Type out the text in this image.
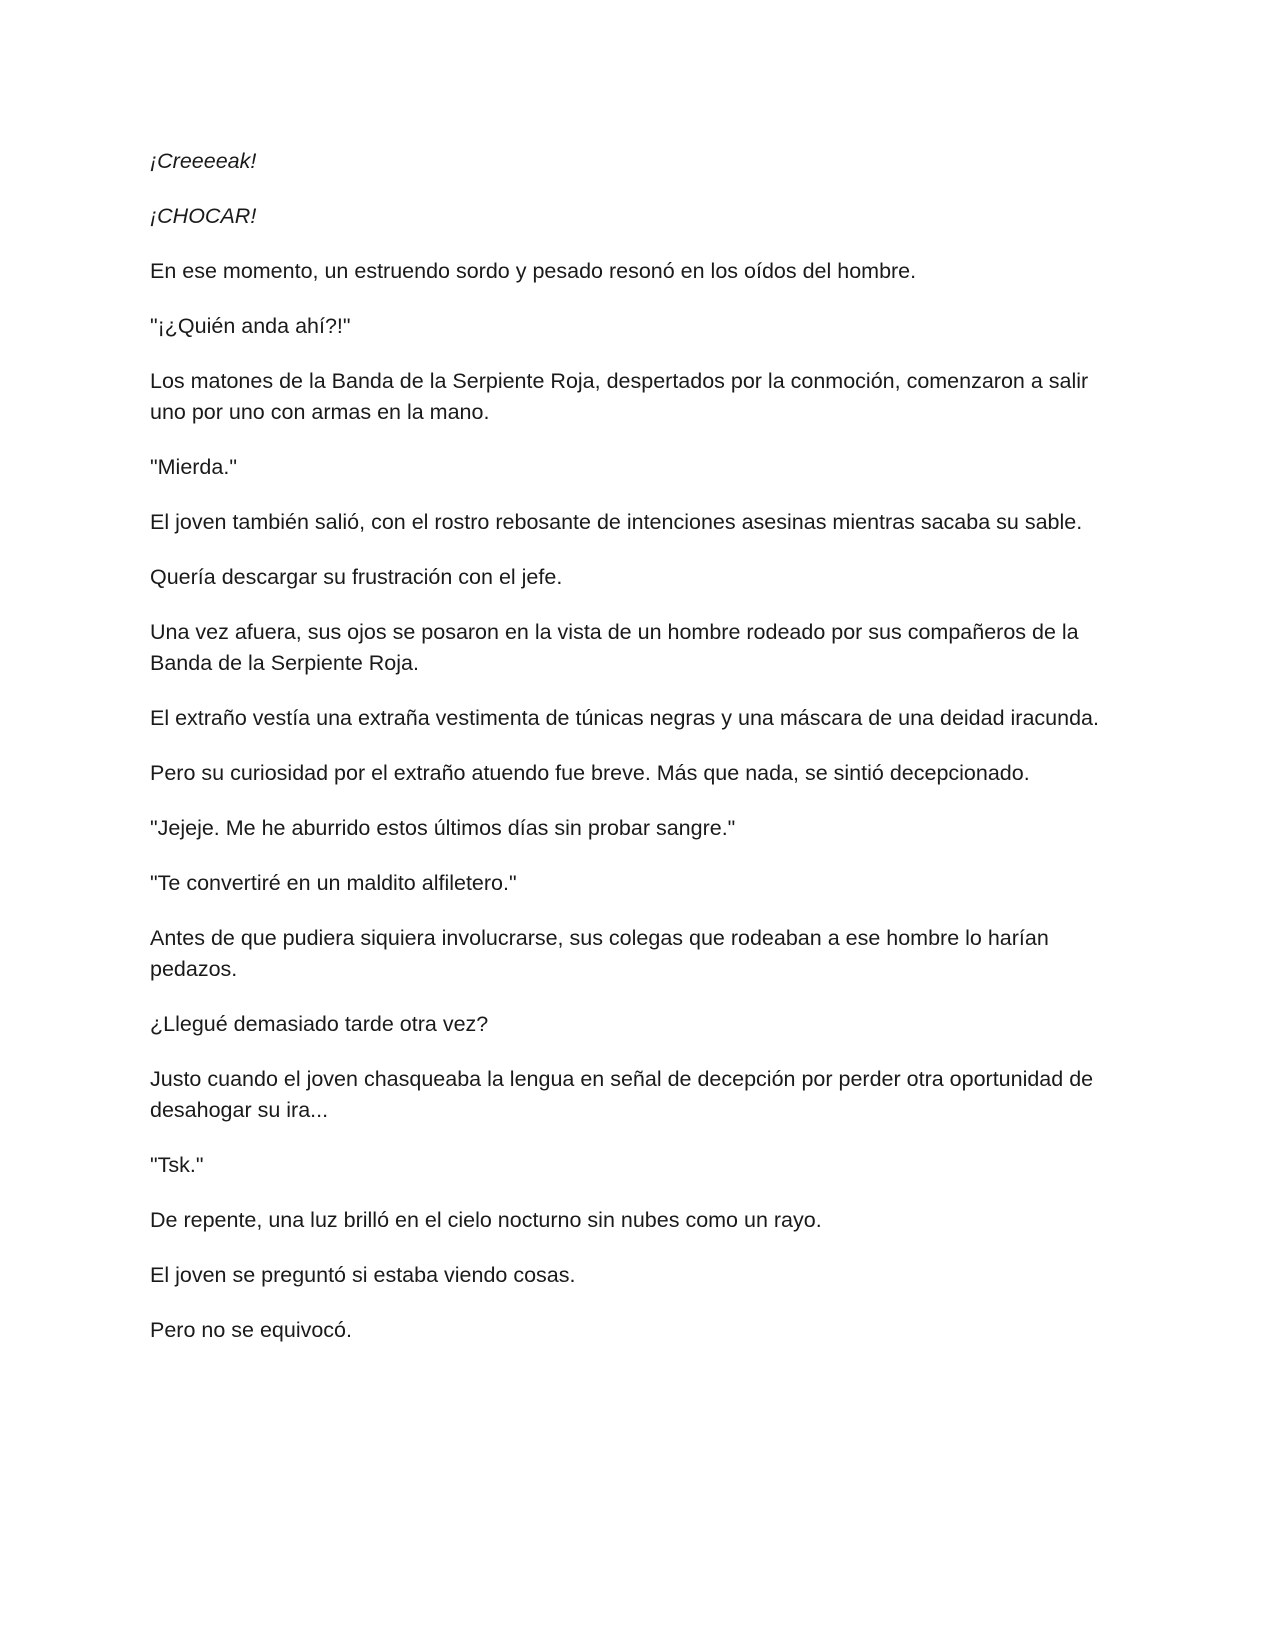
¡Creeeeak!

¡CHOCAR!

En ese momento, un estruendo sordo y pesado resonó en los oídos del hombre.

"¡¿Quién anda ahí?!"

Los matones de la Banda de la Serpiente Roja, despertados por la conmoción, comenzaron a salir uno por uno con armas en la mano.

"Mierda."

El joven también salió, con el rostro rebosante de intenciones asesinas mientras sacaba su sable.

Quería descargar su frustración con el jefe.

Una vez afuera, sus ojos se posaron en la vista de un hombre rodeado por sus compañeros de la Banda de la Serpiente Roja.

El extraño vestía una extraña vestimenta de túnicas negras y una máscara de una deidad iracunda.

Pero su curiosidad por el extraño atuendo fue breve. Más que nada, se sintió decepcionado.

"Jejeje. Me he aburrido estos últimos días sin probar sangre."

"Te convertiré en un maldito alfiletero."

Antes de que pudiera siquiera involucrarse, sus colegas que rodeaban a ese hombre lo harían pedazos.

¿Llegué demasiado tarde otra vez?

Justo cuando el joven chasqueaba la lengua en señal de decepción por perder otra oportunidad de desahogar su ira...

"Tsk."

De repente, una luz brilló en el cielo nocturno sin nubes como un rayo.

El joven se preguntó si estaba viendo cosas.

Pero no se equivocó.
